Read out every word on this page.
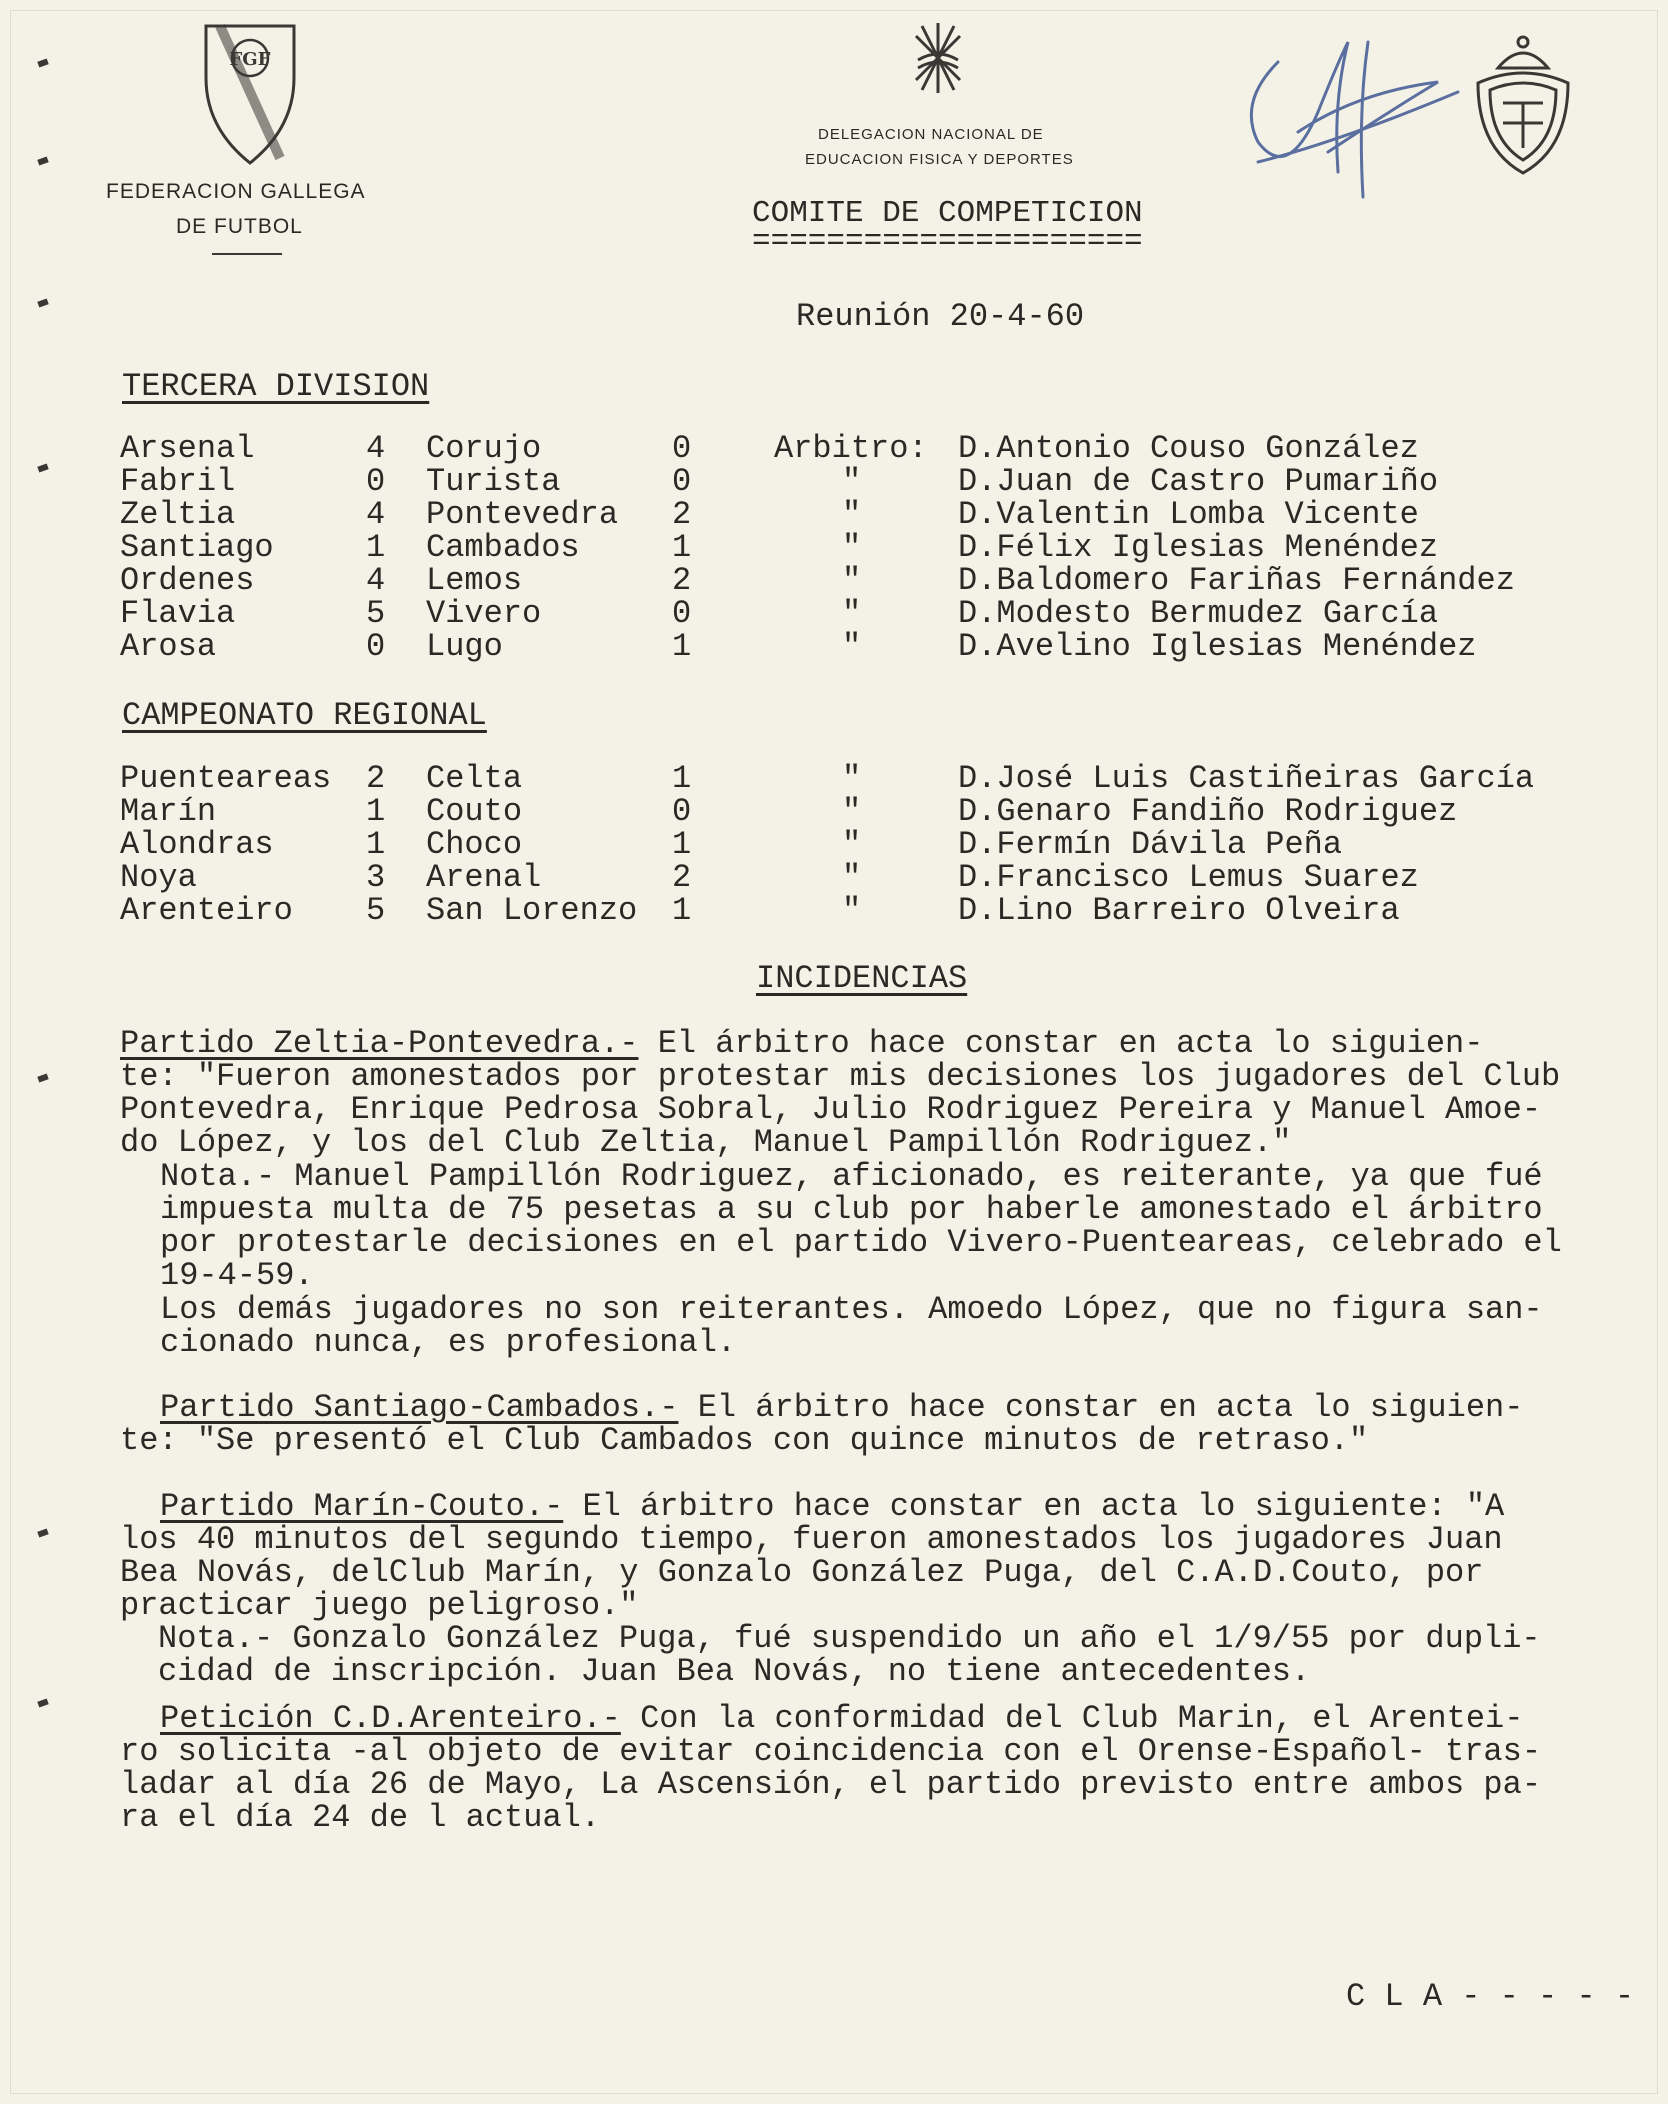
FGF
FEDERACION GALLEGA
DE FUTBOL
DELEGACION NACIONAL DE
EDUCACION FISICA Y DEPORTES
COMITE DE COMPETICION
=====================
Reunión 20-4-60
TERCERA DIVISION
Arsenal	4 Corujo	0	Arbitro: D.Antonio Couso González
Fabril	0 Turista	0	"	D.Juan de Castro Pumariño
Zeltia	4 Pontevedra 2	"	D.Valentin Lomba Vicente
Santiago	1 Cambados	1	"	D.Félix Iglesias Menéndez
Ordenes	4 Lemos	2	"	D.Baldomero Fariñas Fernández
Flavia	5 Vivero	0	"	D.Modesto Bermudez García
Arosa	0 Lugo	1	"	D.Avelino Iglesias Menéndez
CAMPEONATO REGIONAL
Puenteareas 2 Celta	1	"	D.José Luis Castiñeiras García
Marín	1 Couto	0	"	D.Genaro Fandiño Rodriguez
Alondras	1 Choco	1	"	D.Fermín Dávila Peña
Noya	3 Arenal	2	"	D.Francisco Lemus Suarez
Arenteiro 5 San Lorenzo 1	"	D.Lino Barreiro Olveira
INCIDENCIAS
Partido Zeltia-Pontevedra.- El árbitro hace constar en acta lo siguien-
te: "Fueron amonestados por protestar mis decisiones los jugadores del Club
Pontevedra, Enrique Pedrosa Sobral, Julio Rodriguez Pereira y Manuel Amoe-
do López, y los del Club Zeltia, Manuel Pampillón Rodriguez."
Nota.- Manuel Pampillón Rodriguez, aficionado, es reiterante, ya que fué
impuesta multa de 75 pesetas a su club por haberle amonestado el árbitro
por protestarle decisiones en el partido Vivero-Puenteareas, celebrado el
19-4-59.
Los demás jugadores no son reiterantes. Amoedo López, que no figura san-
cionado nunca, es profesional.
Partido Santiago-Cambados.- El árbitro hace constar en acta lo siguien-
te: "Se presentó el Club Cambados con quince minutos de retraso."
Partido Marín-Couto.- El árbitro hace constar en acta lo siguiente: "A
los 40 minutos del segundo tiempo, fueron amonestados los jugadores Juan
Bea Novás, delClub Marín, y Gonzalo González Puga, del C.A.D.Couto, por
practicar juego peligroso."
Nota.- Gonzalo González Puga, fué suspendido un año el 1/9/55 por dupli-
cidad de inscripción. Juan Bea Novás, no tiene antecedentes.
Petición C.D.Arenteiro.- Con la conformidad del Club Marin, el Arentei-
ro solicita -al objeto de evitar coincidencia con el Orense-Español- tras-
ladar al día 26 de Mayo, La Ascensión, el partido previsto entre ambos pa-
ra el día 24 de l actual.
C L A - - - - -
